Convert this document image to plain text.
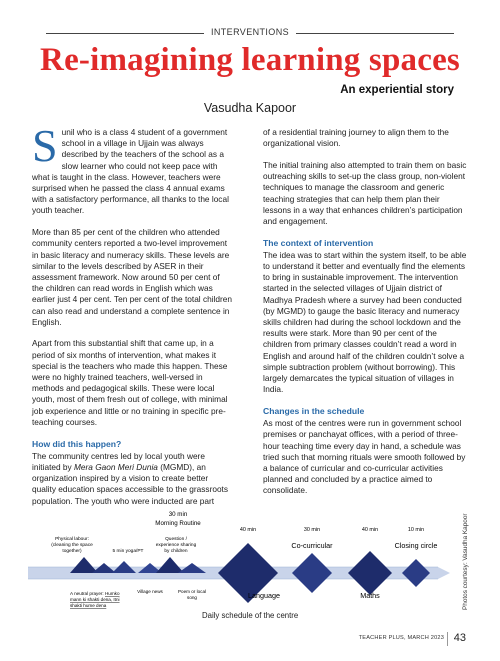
INTERVENTIONS
Re-imagining learning spaces
An experiential story
Vasudha Kapoor

Sunil who is a class 4 student of a government school in a village in Ujjain was always described by the teachers of the school as a slow learner who could not keep pace with what is taught in the class. However, teachers were surprised when he passed the class 4 annual exams with a satisfactory performance, all thanks to the local youth teacher.

More than 85 per cent of the children who attended community centers reported a two-level improvement in basic literacy and numeracy skills. These levels are similar to the levels described by ASER in their assessment framework. Now around 50 per cent of the children can read words in English which was earlier just 4 per cent. Ten per cent of the total children can also read and understand a complete sentence in English.

Apart from this substantial shift that came up, in a period of six months of intervention, what makes it special is the teachers who made this happen. These were no highly trained teachers, well-versed in methods and pedagogical skills. These were local youth, most of them fresh out of college, with minimal job experience and little or no training in specific pre-teaching courses.

How did this happen?

The community centres led by local youth were initiated by Mera Gaon Meri Dunia (MGMD), an organization inspired by a vision to create better quality education spaces accessible to the grassroots population. The youth who were inducted are part

of a residential training journey to align them to the organizational vision.

The initial training also attempted to train them on basic outreaching skills to set-up the class group, non-violent techniques to manage the classroom and generic teaching strategies that can help them plan their lessons in a way that enhances children’s participation and engagement.

The context of intervention

The idea was to start within the system itself, to be able to understand it better and eventually find the elements to bring in sustainable improvement. The intervention started in the selected villages of Ujjain district of Madhya Pradesh where a survey had been conducted (by MGMD) to gauge the basic literacy and numeracy skills children had during the school lockdown and the results were stark. More than 90 per cent of the children from primary classes couldn’t read a word in English and around half of the children couldn’t solve a simple subtraction problem (without borrowing). This largely demarcates the typical situation of villages in India.

Changes in the schedule

As most of the centres were run in government school premises or panchayat offices, with a period of three-hour teaching time every day in hand, a schedule was tried such that morning rituals were smooth followed by a balance of curricular and co-curricular activities planned and concluded by a practice aimed to consolidate.

30 min
Morning Routine
Physical labour:
(cleaning the space
together)	5 min yoga/PT
Question /
experience sharing
by children
40 min	30 min
Co-curricular
40 min	10 min
Closing circle
A neutral prayer: Humko
mann ki shakti dena, Itni
shakti hume dena
Village news	Poem or local
song	Language	Maths	Photos courtesy: Vasudha Kapoor
Daily schedule of the centre
TEACHER PLUS, MARCH 2023 43
